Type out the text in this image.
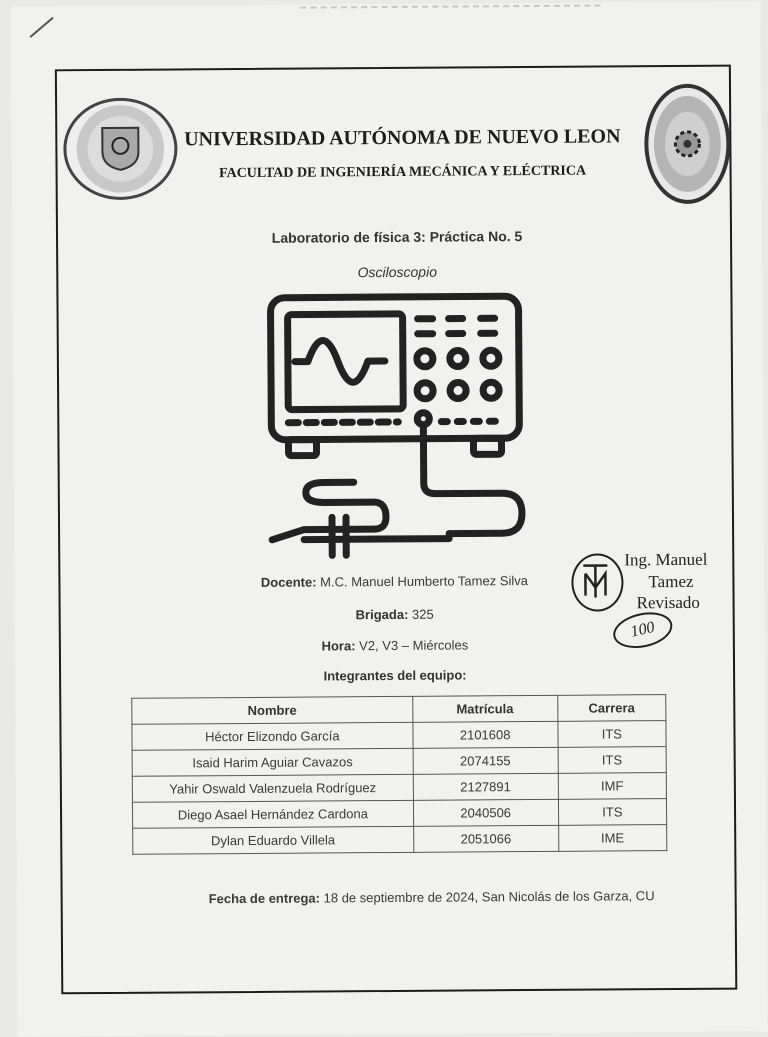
UNIVERSIDAD AUTÓNOMA DE NUEVO LEON
FACULTAD DE INGENIERÍA MECÁNICA Y ELÉCTRICA
Laboratorio de física 3: Práctica No. 5
Osciloscopio
Docente: M.C. Manuel Humberto Tamez Silva
Brigada: 325
Hora: V2, V3 – Miércoles
Integrantes del equipo:
Nombre	Matrícula	Carrera
Héctor Elizondo García	2101608	ITS
Isaid Harim Aguiar Cavazos	2074155	ITS
Yahir Oswald Valenzuela Rodríguez	2127891	IMF
Diego Asael Hernández Cardona	2040506	ITS
Dylan Eduardo Villela	2051066	IME
Fecha de entrega: 18 de septiembre de 2024, San Nicolás de los Garza, CU
Ing. Manuel
Tamez
Revisado
100
